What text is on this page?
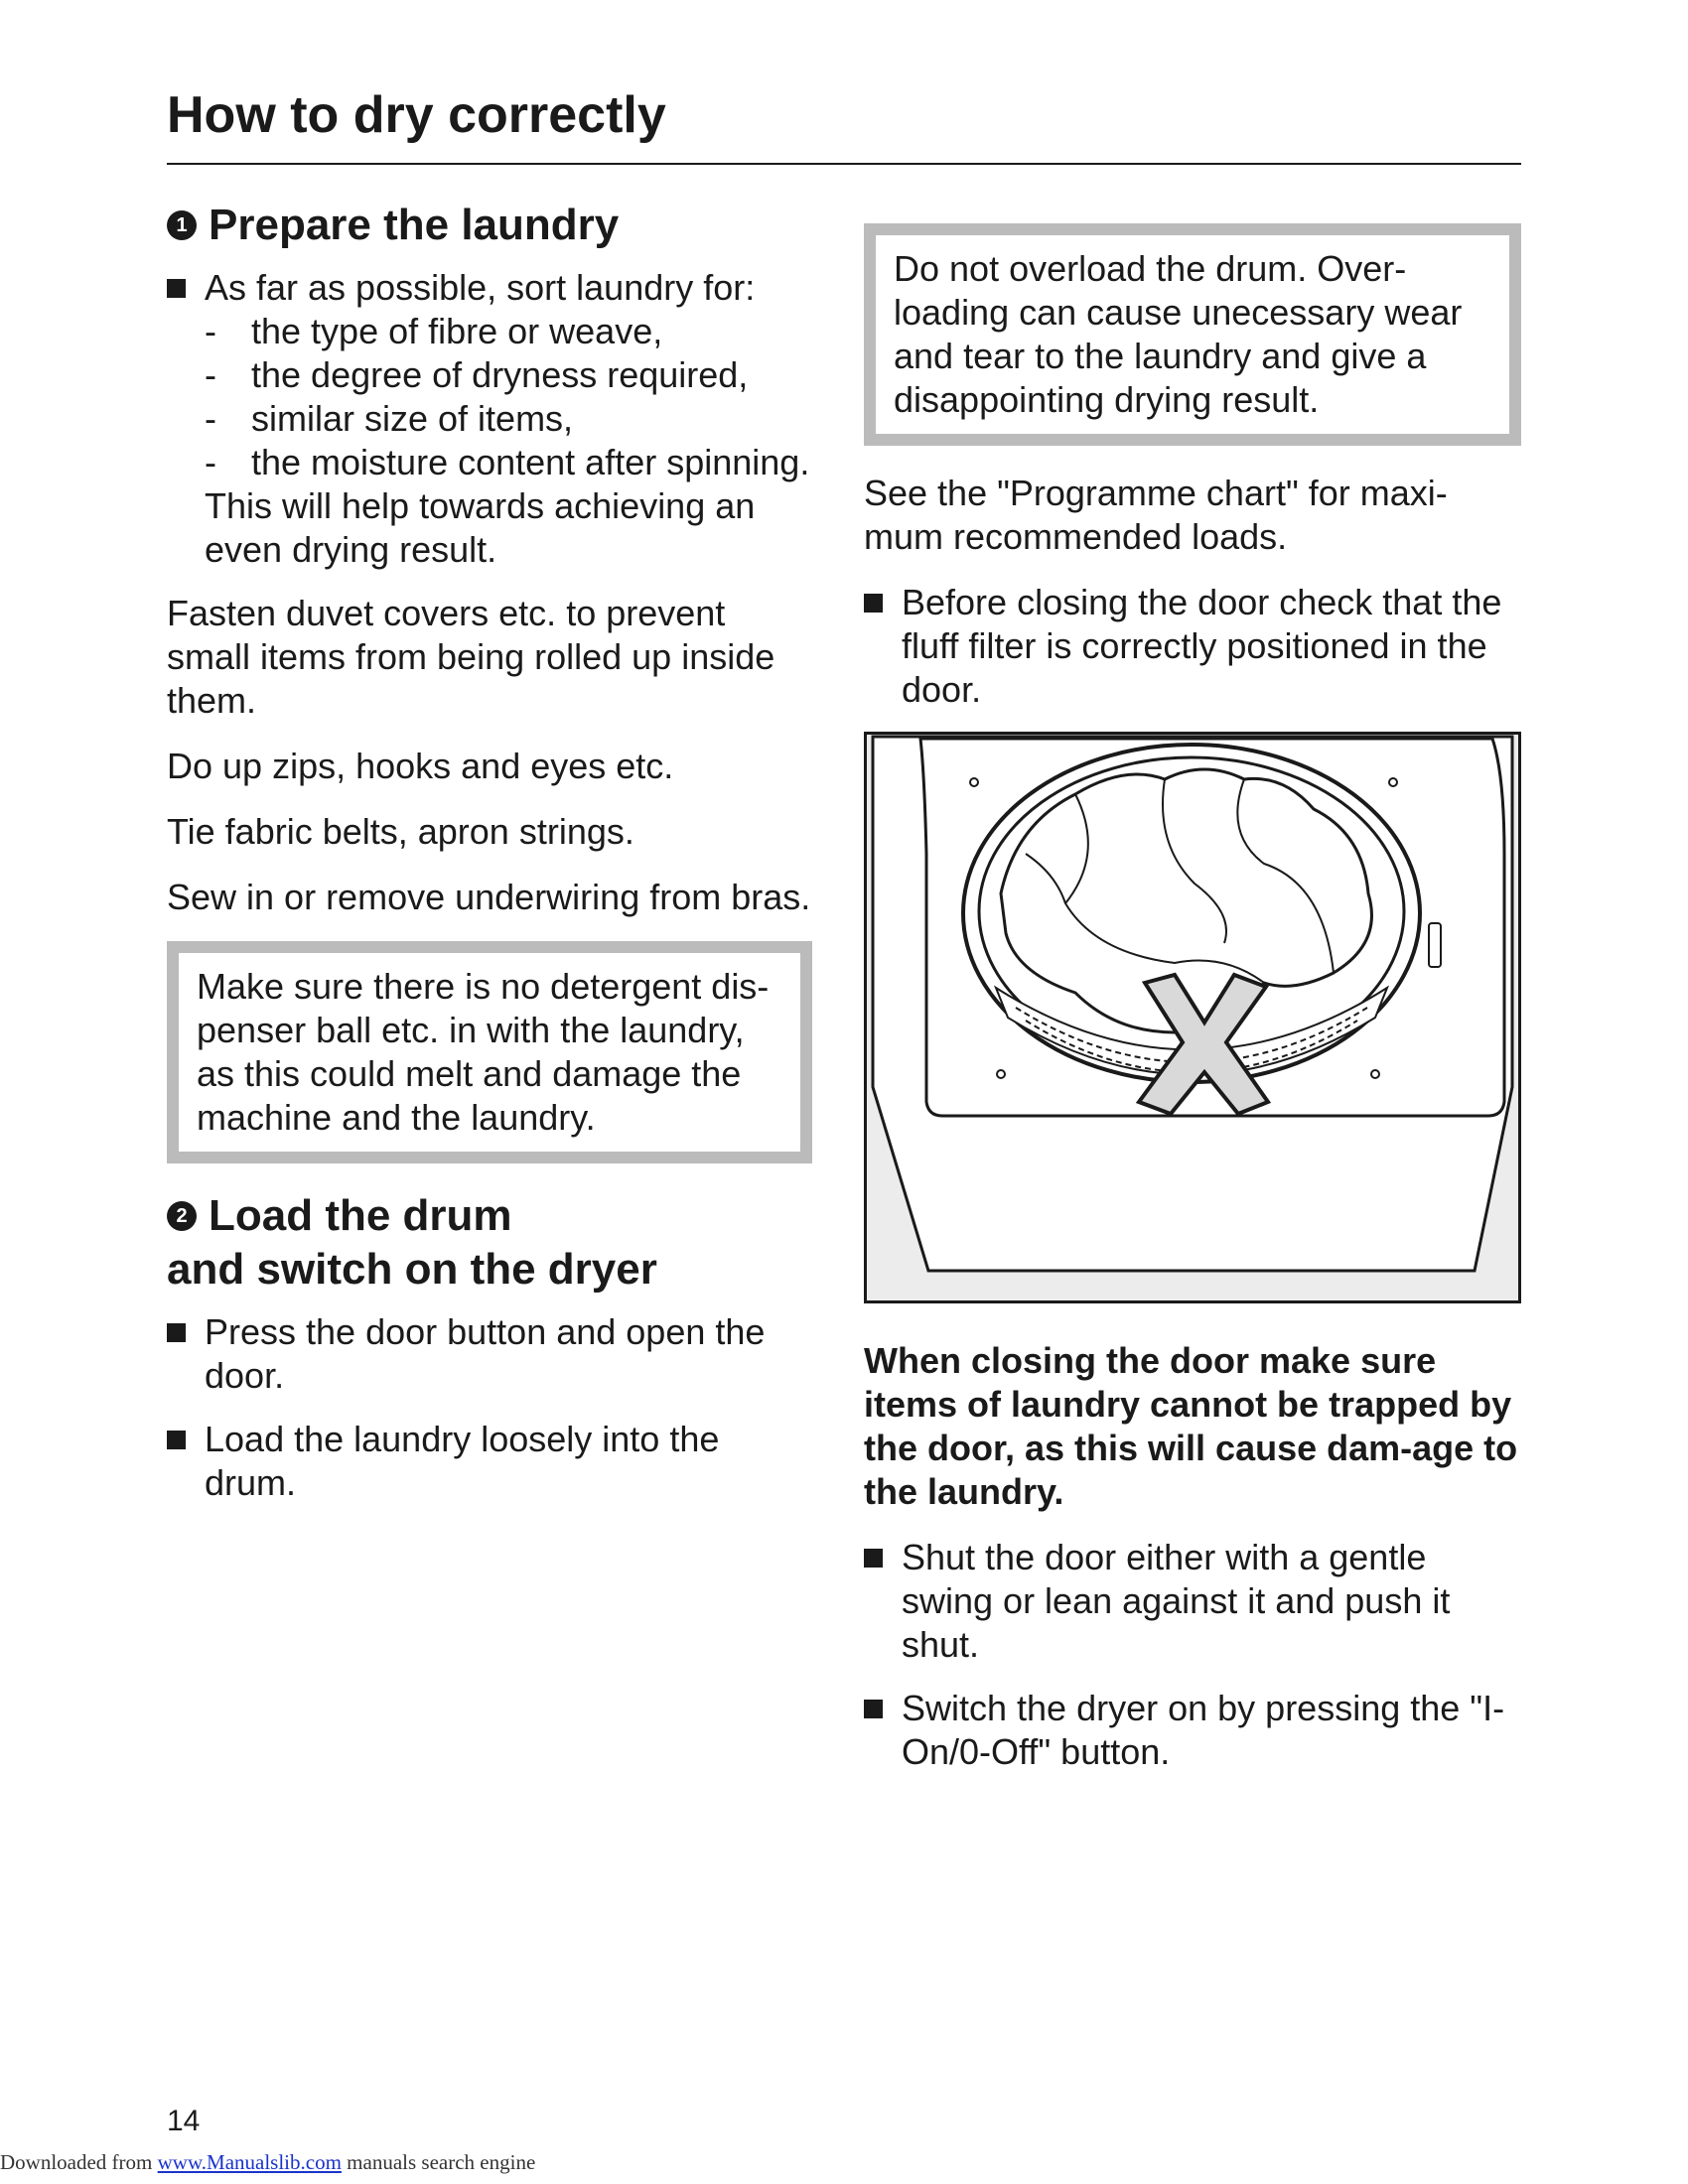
How to dry correctly
1 Prepare the laundry
As far as possible, sort laundry for:
- the type of fibre or weave,
- the degree of dryness required,
- similar size of items,
- the moisture content after spinning.
This will help towards achieving an even drying result.

Fasten duvet covers etc. to prevent small items from being rolled up inside them.

Do up zips, hooks and eyes etc.

Tie fabric belts, apron strings.

Sew in or remove underwiring from bras.

Make sure there is no detergent dis-penser ball etc. in with the laundry, as this could melt and damage the machine and the laundry.
2 Load the drum
and switch on the dryer
Press the door button and open the door.
Load the laundry loosely into the drum.
Do not overload the drum. Over-loading can cause unecessary wear and tear to the laundry and give a disappointing drying result.

See the "Programme chart" for maxi-mum recommended loads.

Before closing the door check that the fluff filter is correctly positioned in the door.

When closing the door make sure items of laundry cannot be trapped by the door, as this will cause dam-age to the laundry.

Shut the door either with a gentle swing or lean against it and push it shut.
Switch the dryer on by pressing the "I-On/0-Off" button.
14
Downloaded from www.Manualslib.com manuals search engine
